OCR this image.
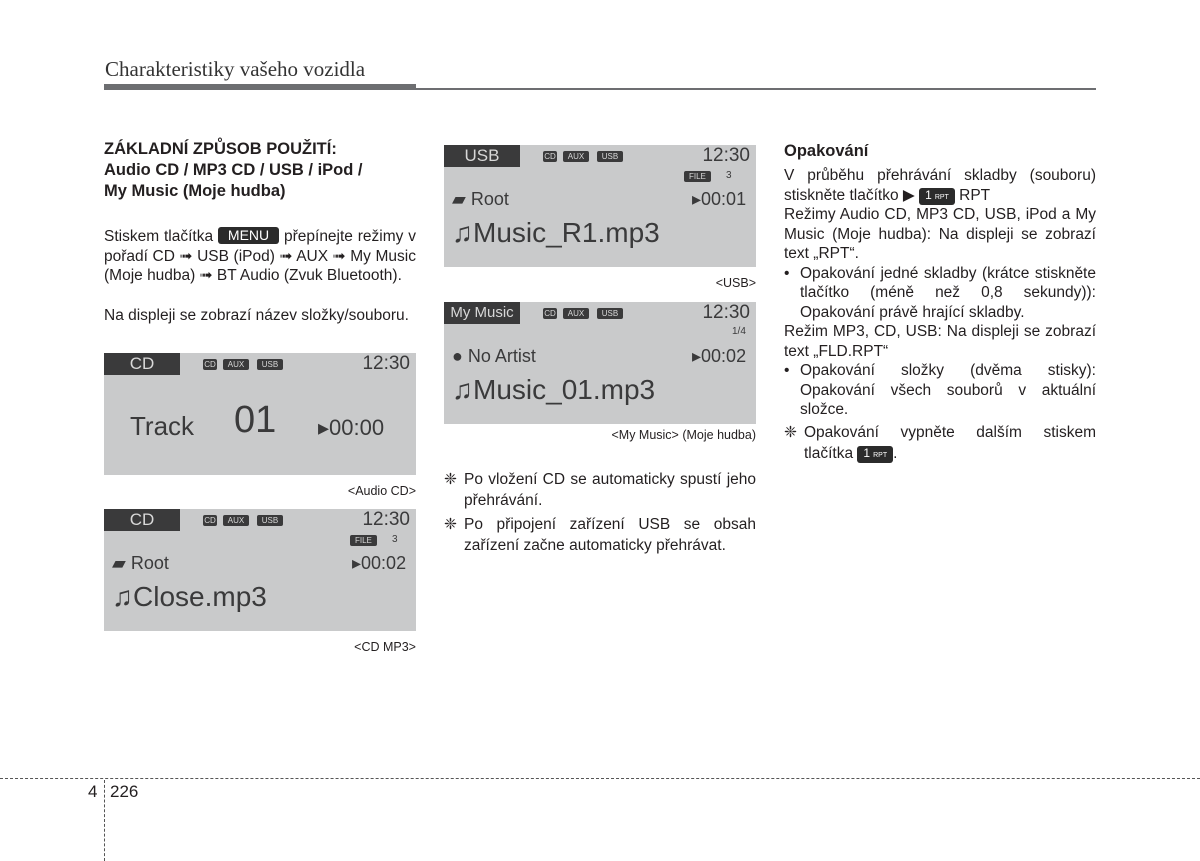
Charakteristiky vašeho vozidla

ZÁKLADNÍ ZPŮSOB POUŽITÍ:

Audio CD / MP3 CD / USB / iPod /

My Music (Moje hudba)

Stiskem tlačítka MENU přepínejte režimy v pořadí CD ➟ USB (iPod) ➟ AUX ➟ My Music (Moje hudba) ➟ BT Audio (Zvuk Bluetooth).

Na displeji se zobrazí název složky/souboru.

CD	CD	AUX	USB	12:30
Track 01 ▸00:00
<Audio CD>
CD	CD	AUX	USB	12:30
FILE	3
▰ Root	▸00:02
♫Close.mp3
<CD MP3>
USB	CD	AUX	USB	12:30
FILE	3
▰ Root	▸00:01
♫Music_R1.mp3
<USB>
My Music	CD	AUX	USB	12:30
1/4
● No Artist	▸00:02
♫Music_01.mp3
<My Music> (Moje hudba)

❈ Po vložení CD se automaticky spustí jeho přehrávání.

❈ Po připojení zařízení USB se obsah zařízení začne automaticky přehrávat.

Opakování

V průběhu přehrávání skladby (souboru) stiskněte tlačítko ▶ 1 RPT RPT

Režimy Audio CD, MP3 CD, USB, iPod a My Music (Moje hudba): Na displeji se zobrazí text „RPT“.

• Opakování jedné skladby (krátce stiskněte tlačítko (méně než 0,8 sekundy)): Opakování právě hrající skladby.

Režim MP3, CD, USB: Na displeji se zobrazí text „FLD.RPT“

• Opakování složky (dvěma stisky): Opakování všech souborů v aktuální složce.

❈ Opakování vypněte dalším stiskem tlačítka 1 RPT .

4 226
